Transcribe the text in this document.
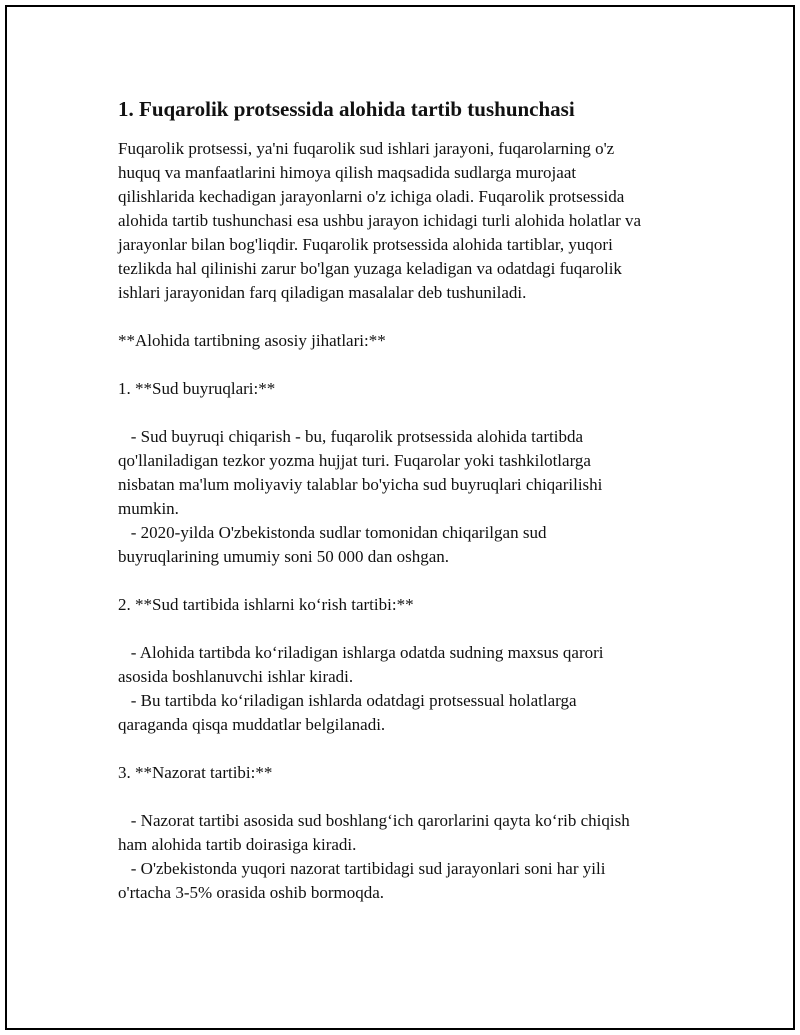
1. Fuqarolik protsessida alohida tartib tushunchasi

Fuqarolik protsessi, ya'ni fuqarolik sud ishlari jarayoni, fuqarolarning o'z
huquq va manfaatlarini himoya qilish maqsadida sudlarga murojaat
qilishlarida kechadigan jarayonlarni o'z ichiga oladi. Fuqarolik protsessida
alohida tartib tushunchasi esa ushbu jarayon ichidagi turli alohida holatlar va
jarayonlar bilan bog'liqdir. Fuqarolik protsessida alohida tartiblar, yuqori
tezlikda hal qilinishi zarur bo'lgan yuzaga keladigan va odatdagi fuqarolik
ishlari jarayonidan farq qiladigan masalalar deb tushuniladi.

**Alohida tartibning asosiy jihatlari:**

1. **Sud buyruqlari:**

- Sud buyruqi chiqarish - bu, fuqarolik protsessida alohida tartibda
qo'llaniladigan tezkor yozma hujjat turi. Fuqarolar yoki tashkilotlarga
nisbatan ma'lum moliyaviy talablar bo'yicha sud buyruqlari chiqarilishi
mumkin.
- 2020-yilda O'zbekistonda sudlar tomonidan chiqarilgan sud
buyruqlarining umumiy soni 50 000 dan oshgan.

2. **Sud tartibida ishlarni ko‘rish tartibi:**

- Alohida tartibda ko‘riladigan ishlarga odatda sudning maxsus qarori
asosida boshlanuvchi ishlar kiradi.
- Bu tartibda ko‘riladigan ishlarda odatdagi protsessual holatlarga
qaraganda qisqa muddatlar belgilanadi.

3. **Nazorat tartibi:**

- Nazorat tartibi asosida sud boshlang‘ich qarorlarini qayta ko‘rib chiqish
ham alohida tartib doirasiga kiradi.
- O'zbekistonda yuqori nazorat tartibidagi sud jarayonlari soni har yili
o'rtacha 3-5% orasida oshib bormoqda.
